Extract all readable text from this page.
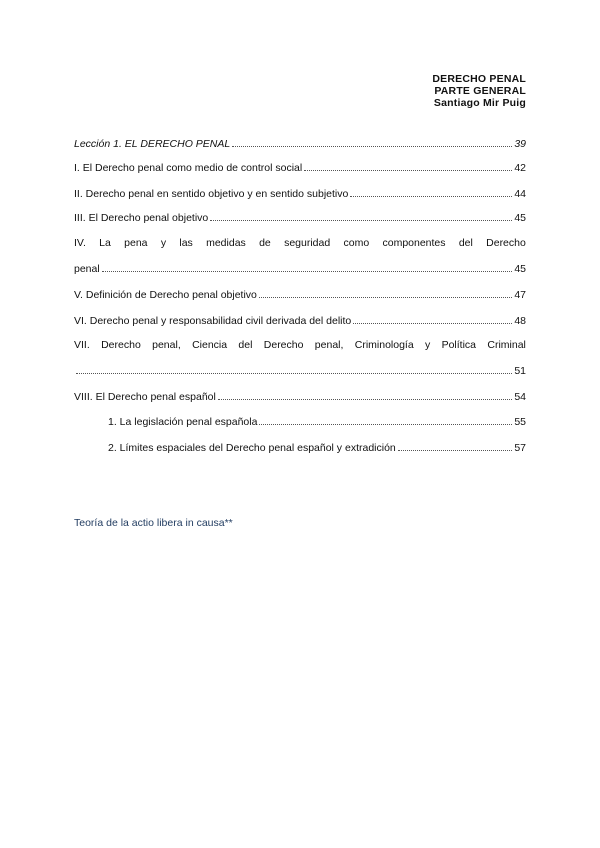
DERECHO PENAL
PARTE GENERAL
Santiago Mir Puig
Lección 1. EL DERECHO PENAL	39
I. El Derecho penal como medio de control social	42
II. Derecho penal en sentido objetivo y en sentido subjetivo	44
III. El Derecho penal objetivo	45
IV. La pena y las medidas de seguridad como componentes del Derecho
penal	45
V. Definición de Derecho penal objetivo	47
VI. Derecho penal y responsabilidad civil derivada del delito	48
VII. Derecho penal, Ciencia del Derecho penal, Criminología y Política Criminal
51
VIII. El Derecho penal español	54
1. La legislación penal española	55
2. Límites espaciales del Derecho penal español y extradición	57
Teoría de la actio libera in causa**
